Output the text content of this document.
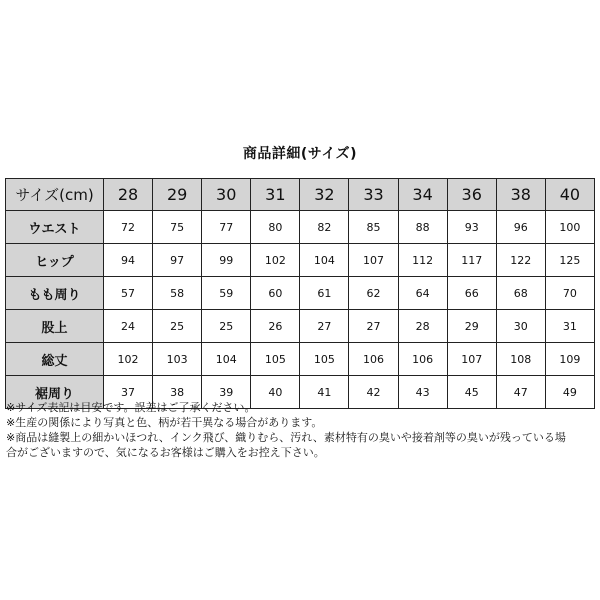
商品詳細(サイズ)
サイズ(cm)	28	29	30	31	32	33	34	36	38	40
ウエスト	72	75	77	80	82	85	88	93	96	100
ヒップ	94	97	99	102	104	107	112	117	122	125
もも周り	57	58	59	60	61	62	64	66	68	70
股上	24	25	25	26	27	27	28	29	30	31
総丈	102	103	104	105	105	106	106	107	108	109
裾周り	37	38	39	40	41	42	43	45	47	49

※サイズ表記は目安です。誤差はご了承ください。

※生産の関係により写真と色、柄が若干異なる場合があります。

※商品は縫製上の細かいほつれ、インク飛び、織りむら、汚れ、素材特有の臭いや接着剤等の臭いが残っている場

合がございますので、気になるお客様はご購入をお控え下さい。
